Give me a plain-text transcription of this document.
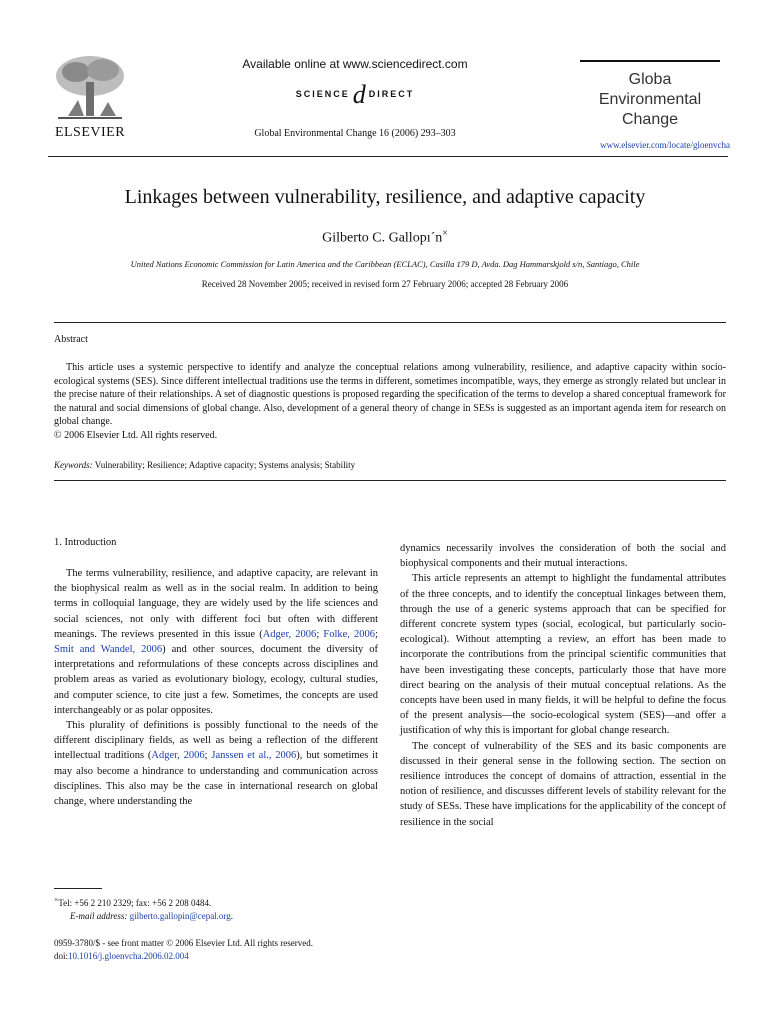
ELSEVIER
Available online at www.sciencedirect.com
SCIENCE d DIRECT
Global Environmental Change 16 (2006) 293–303
Globa
Environmental
Change
www.elsevier.com/locate/gloenvcha
Linkages between vulnerability, resilience, and adaptive capacity
Gilberto C. Gallopı´n×
United Nations Economic Commission for Latin America and the Caribbean (ECLAC), Casilla 179 D, Avda. Dag Hammarskjold s/n, Santiago, Chile
Received 28 November 2005; received in revised form 27 February 2006; accepted 28 February 2006
Abstract

This article uses a systemic perspective to identify and analyze the conceptual relations among vulnerability, resilience, and adaptive capacity within socio-ecological systems (SES). Since different intellectual traditions use the terms in different, sometimes incompatible, ways, they emerge as strongly related but unclear in the precise nature of their relationships. A set of diagnostic questions is proposed regarding the specification of the terms to develop a shared conceptual framework for the natural and social dimensions of global change. Also, development of a general theory of change in SESs is suggested as an important agenda item for research on global change.

© 2006 Elsevier Ltd. All rights reserved.
Keywords: Vulnerability; Resilience; Adaptive capacity; Systems analysis; Stability
1. Introduction

The terms vulnerability, resilience, and adaptive capacity, are relevant in the biophysical realm as well as in the social realm. In addition to being terms in colloquial language, they are widely used by the life sciences and social sciences, not only with different foci but often with different meanings. The reviews presented in this issue (Adger, 2006; Folke, 2006; Smit and Wandel, 2006) and other sources, document the diversity of interpretations and reformulations of these concepts across disciplines and problem areas as varied as evolutionary biology, ecology, cultural studies, and computer science, to cite just a few. Sometimes, the concepts are used interchangeably or as polar opposites.

This plurality of definitions is possibly functional to the needs of the different disciplinary fields, as well as being a reflection of the different intellectual traditions (Adger, 2006; Janssen et al., 2006), but sometimes it may also become a hindrance to understanding and communication across disciplines. This also may be the case in international research on global change, where understanding the

dynamics necessarily involves the consideration of both the social and biophysical components and their mutual interactions.

This article represents an attempt to highlight the fundamental attributes of the three concepts, and to identify the conceptual linkages between them, through the use of a generic systems approach that can be specified for different concrete system types (social, ecological, but particularly socio-ecological). Without attempting a review, an effort has been made to incorporate the contributions from the principal scientific communities that have been investigating these concepts, particularly those that have more direct bearing on the analysis of their mutual conceptual relations. As the concepts have been used in many fields, it will be helpful to define the focus of the present analysis—the socio-ecological system (SES)—and offer a justification of why this is important for global change research.

The concept of vulnerability of the SES and its basic components are discussed in their general sense in the following section. The section on resilience introduces the concept of domains of attraction, essential in the notion of resilience, and discusses different levels of stability relevant for the study of SESs. These have implications for the applicability of the concept of resilience in the social

×Tel: +56 2 210 2329; fax: +56 2 208 0484.
E-mail address: gilberto.gallopin@cepal.org.
0959-3780/$ - see front matter © 2006 Elsevier Ltd. All rights reserved.
doi:10.1016/j.gloenvcha.2006.02.004
